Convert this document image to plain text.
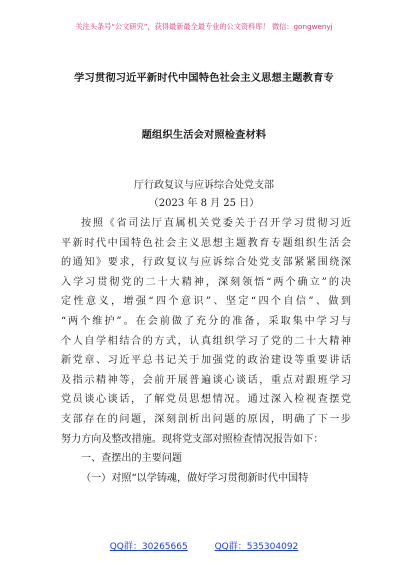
关注头条号“公文研究”，获得最新最全最专业的公文资料库！ 微信：gongwenyj
学习贯彻习近平新时代中国特色社会主义思想主题教育专
题组织生活会对照检查材料
厅行政复议与应诉综合处党支部
（2023 年 8 月 25 日）
按照《省司法厅直属机关党委关于召开学习贯彻习近
平新时代中国特色社会主义思想主题教育专题组织生活会
的通知》要求，行政复议与应诉综合处党支部紧紧围绕深
入学习贯彻党的二十大精神，深刻领悟“两个确立”的决
定性意义，增强“四个意识”、坚定“四个自信”、做到
“两个维护”。在会前做了充分的准备，采取集中学习与
个人自学相结合的方式，认真组织学习了党的二十大精神
新党章、习近平总书记关于加强党的政治建设等重要讲话
及指示精神等，会前开展普遍谈心谈话，重点对跟班学习
党员谈心谈话，了解党员思想情况。通过深入检视查摆党
支部存在的问题，深刻剖析出问题的原因，明确了下一步
努力方向及整改措施。现将党支部对照检查情况报告如下：
一、查摆出的主要问题
（一）对照“以学铸魂，做好学习贯彻新时代中国特
QQ群：30265665	QQ群：535304092
